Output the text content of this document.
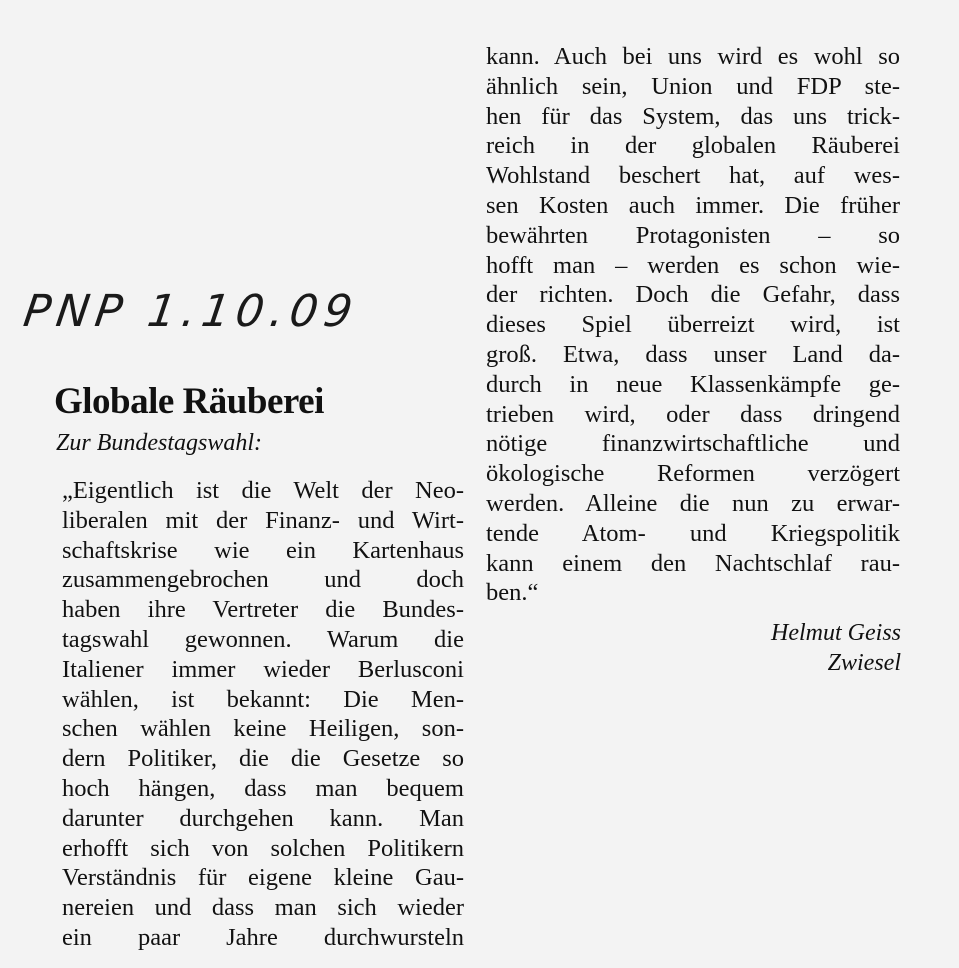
PNP 1.10.09
Globale Räuberei
Zur Bundestagswahl:
„Eigentlich ist die Welt der Neo-
liberalen mit der Finanz- und Wirt-
schaftskrise wie ein Kartenhaus
zusammengebrochen und doch
haben ihre Vertreter die Bundes-
tagswahl gewonnen. Warum die
Italiener immer wieder Berlusconi
wählen, ist bekannt: Die Men-
schen wählen keine Heiligen, son-
dern Politiker, die die Gesetze so
hoch hängen, dass man bequem
darunter durchgehen kann. Man
erhofft sich von solchen Politikern
Verständnis für eigene kleine Gau-
nereien und dass man sich wieder
ein paar Jahre durchwursteln
kann. Auch bei uns wird es wohl so
ähnlich sein, Union und FDP ste-
hen für das System, das uns trick-
reich in der globalen Räuberei
Wohlstand beschert hat, auf wes-
sen Kosten auch immer. Die früher
bewährten Protagonisten – so
hofft man – werden es schon wie-
der richten. Doch die Gefahr, dass
dieses Spiel überreizt wird, ist
groß. Etwa, dass unser Land da-
durch in neue Klassenkämpfe ge-
trieben wird, oder dass dringend
nötige finanzwirtschaftliche und
ökologische Reformen verzögert
werden. Alleine die nun zu erwar-
tende Atom- und Kriegspolitik
kann einem den Nachtschlaf rau-
ben.“
Helmut Geiss
Zwiesel
